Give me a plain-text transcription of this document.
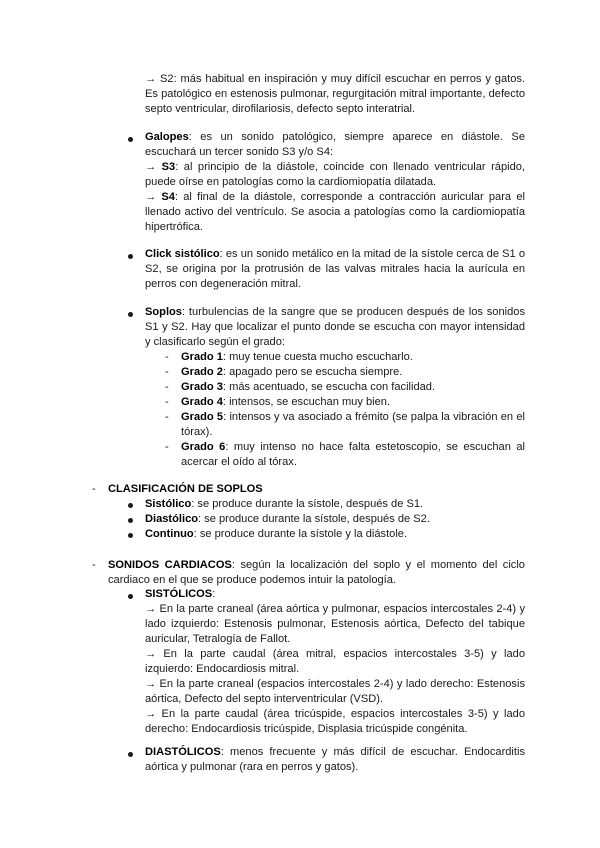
→ S2: más habitual en inspiración y muy difícil escuchar en perros y gatos. Es patológico en estenosis pulmonar, regurgitación mitral importante, defecto septo ventricular, dirofilariosis, defecto septo interatrial.

Galopes: es un sonido patológico, siempre aparece en diástole. Se escuchará un tercer sonido S3 y/o S4:

→ S3: al principio de la diástole, coincide con llenado ventricular rápido, puede oírse en patologías como la cardiomiopatía dilatada.

→ S4: al final de la diástole, corresponde a contracción auricular para el llenado activo del ventrículo. Se asocia a patologías como la cardiomiopatía hipertrófica.

Click sistólico: es un sonido metálico en la mitad de la sístole cerca de S1 o S2, se origina por la protrusión de las valvas mitrales hacia la aurícula en perros con degeneración mitral.

Soplos: turbulencias de la sangre que se producen después de los sonidos S1 y S2. Hay que localizar el punto donde se escucha con mayor intensidad y clasificarlo según el grado:

- Grado 1: muy tenue cuesta mucho escucharlo.

- Grado 2: apagado pero se escucha siempre.

- Grado 3: más acentuado, se escucha con facilidad.

- Grado 4: intensos, se escuchan muy bien.

- Grado 5: intensos y va asociado a frémito (se palpa la vibración en el tórax).

- Grado 6: muy intenso no hace falta estetoscopio, se escuchan al acercar el oído al tórax.

- CLASIFICACIÓN DE SOPLOS

Sistólico: se produce durante la sístole, después de S1.

Diastólico: se produce durante la sístole, después de S2.

Continuo: se produce durante la sístole y la diástole.

- SONIDOS CARDIACOS: según la localización del soplo y el momento del ciclo cardiaco en el que se produce podemos intuir la patología.

SISTÓLICOS:

→ En la parte craneal (área aórtica y pulmonar, espacios intercostales 2-4) y lado izquierdo: Estenosis pulmonar, Estenosis aórtica, Defecto del tabique auricular, Tetralogía de Fallot.

→ En la parte caudal (área mitral, espacios intercostales 3-5) y lado izquierdo: Endocardiosis mitral.

→ En la parte craneal (espacios intercostales 2-4) y lado derecho: Estenosis aórtica, Defecto del septo interventricular (VSD).

→ En la parte caudal (área tricúspide, espacios intercostales 3-5) y lado derecho: Endocardiosis tricúspide, Displasia tricúspide congénita.

DIASTÓLICOS: menos frecuente y más difícil de escuchar. Endocarditis aórtica y pulmonar (rara en perros y gatos).
